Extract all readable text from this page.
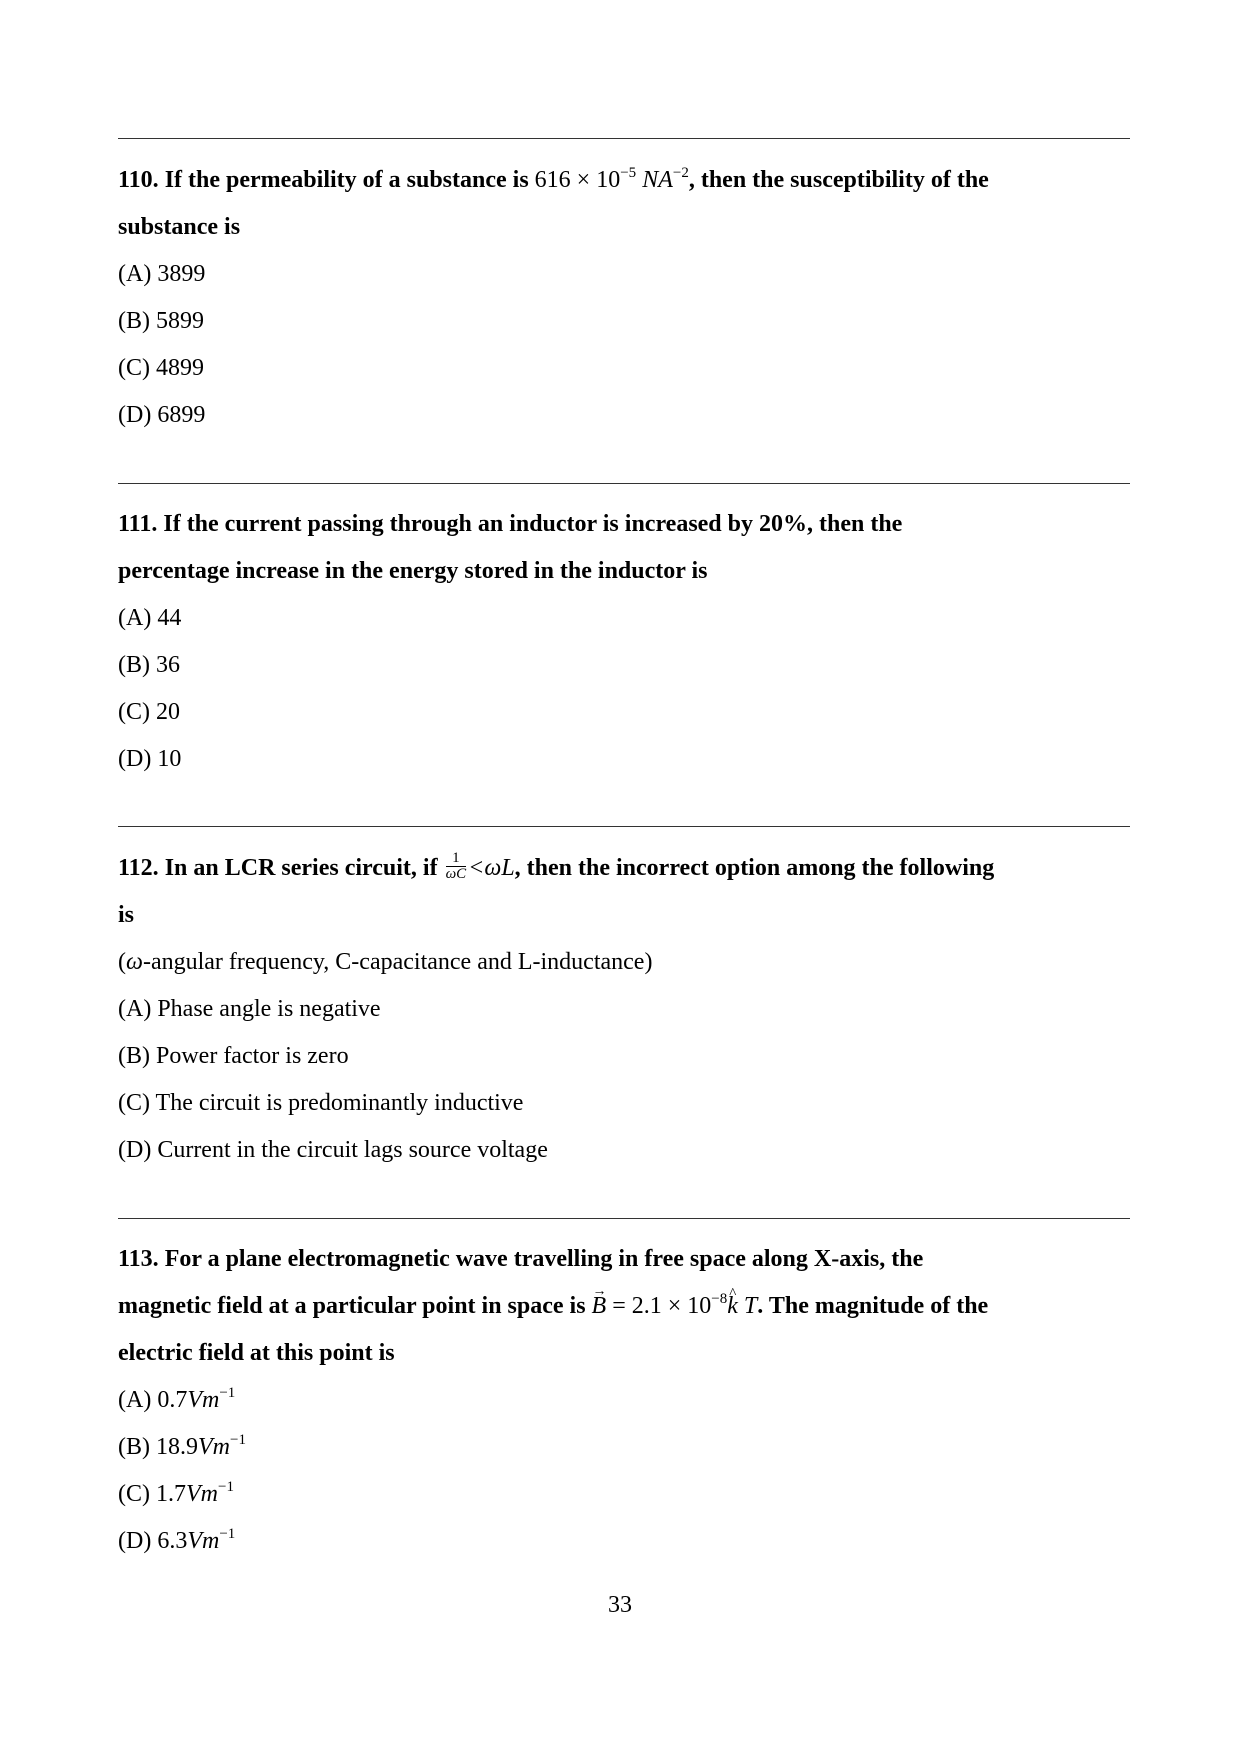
110. If the permeability of a substance is $616 \times 10^{-5}$ $NA^{-2}$, then the susceptibility of the

substance is

(A) 3899

(B) 5899

(C) 4899

(D) 6899

111. If the current passing through an inductor is increased by 20%, then the

percentage increase in the energy stored in the inductor is

(A) 44

(B) 36

(C) 20

(D) 10

112. In an LCR series circuit, if $\frac{1}{\omega C} <\omega L$, then the incorrect option among the following

is

(ω-angular frequency, C-capacitance and L-inductance)

(A) Phase angle is negative

(B) Power factor is zero

(C) The circuit is predominantly inductive

(D) Current in the circuit lags source voltage

113. For a plane electromagnetic wave travelling in free space along X-axis, the

magnetic field at a particular point in space is → $B = 2.1 \times 10^{-8}\^{}$ k T. The magnitude of the

electric field at this point is

(A) $0.7Vm^{-1}$

(B) $18.9Vm^{-1}$

(C) $1.7Vm^{-1}$

(D) $6.3Vm^{-1}$

33
